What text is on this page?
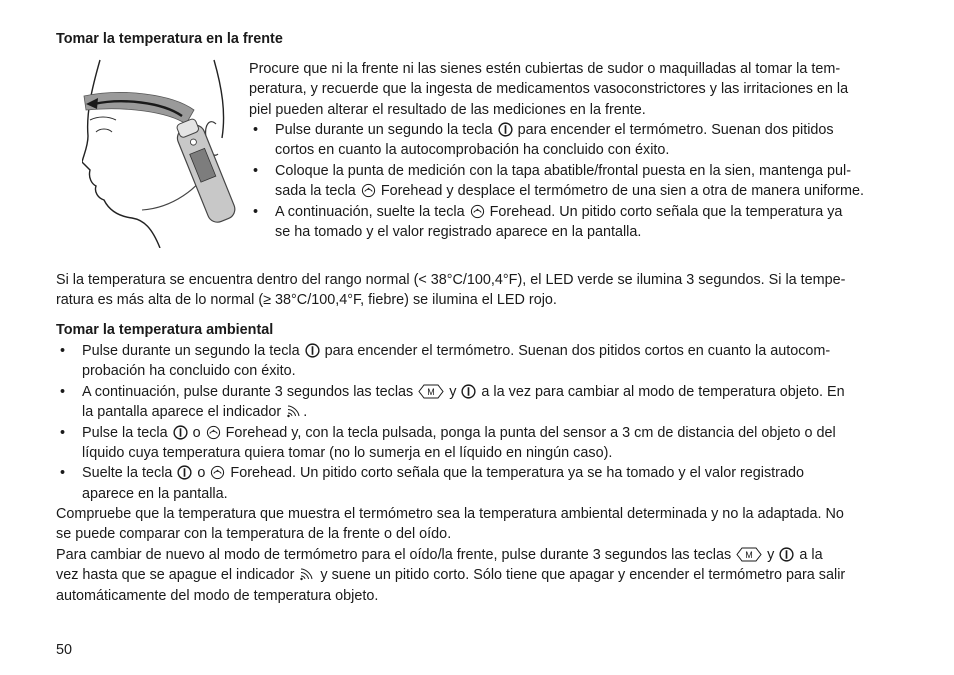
Tomar la temperatura en la frente

Procure que ni la frente ni las sienes estén cubiertas de sudor o maquilladas al tomar la tem-
peratura, y recuerde que la ingesta de medicamentos vasoconstrictores y las irritaciones en la
piel pueden alterar el resultado de las mediciones en la frente.

• Pulse durante un segundo la tecla para encender el termómetro. Suenan dos pitidos
cortos en cuanto la autocomprobación ha concluido con éxito.
• Coloque la punta de medición con la tapa abatible/frontal puesta en la sien, mantenga pul-
sada la tecla Forehead y desplace el termómetro de una sien a otra de manera uniforme.
• A continuación, suelte la tecla Forehead. Un pitido corto señala que la temperatura ya
se ha tomado y el valor registrado aparece en la pantalla.

Si la temperatura se encuentra dentro del rango normal (< 38°C/100,4°F), el LED verde se ilumina 3 segundos. Si la tempe-
ratura es más alta de lo normal (≥ 38°C/100,4°F, fiebre) se ilumina el LED rojo.

Tomar la temperatura ambiental
• Pulse durante un segundo la tecla para encender el termómetro. Suenan dos pitidos cortos en cuanto la autocom-
probación ha concluido con éxito.
• A continuación, pulse durante 3 segundos las teclas M y a la vez para cambiar al modo de temperatura objeto. En
la pantalla aparece el indicador .
• Pulse la tecla o Forehead y, con la tecla pulsada, ponga la punta del sensor a 3 cm de distancia del objeto o del
líquido cuya temperatura quiera tomar (no lo sumerja en el líquido en ningún caso).
• Suelte la tecla o Forehead. Un pitido corto señala que la temperatura ya se ha tomado y el valor registrado
aparece en la pantalla.

Compruebe que la temperatura que muestra el termómetro sea la temperatura ambiental determinada y no la adaptada. No
se puede comparar con la temperatura de la frente o del oído.

Para cambiar de nuevo al modo de termómetro para el oído/la frente, pulse durante 3 segundos las teclas M y a la
vez hasta que se apague el indicador y suene un pitido corto. Sólo tiene que apagar y encender el termómetro para salir
automáticamente del modo de temperatura objeto.

50
